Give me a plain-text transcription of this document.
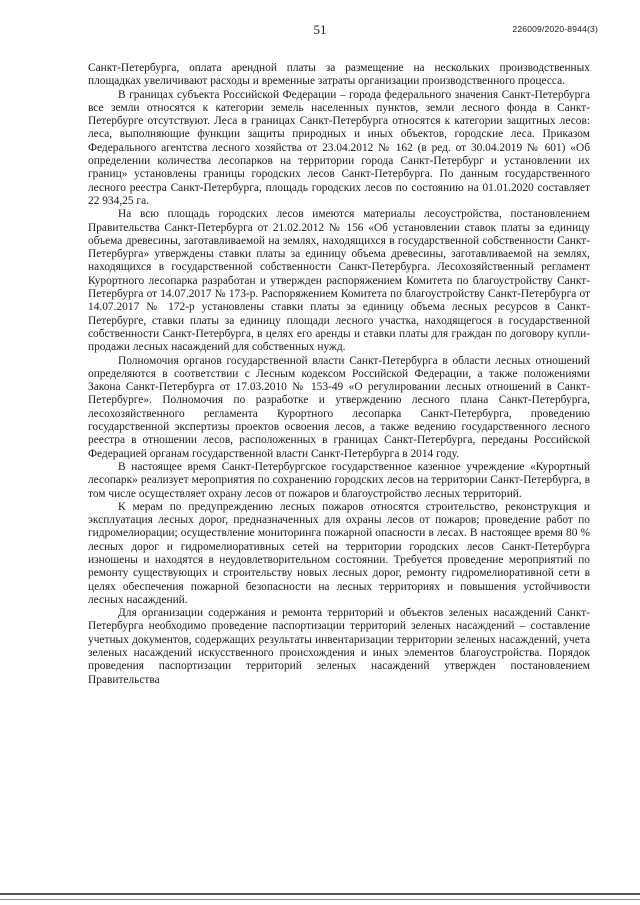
51	226009/2020-8944(3)

Санкт-Петербурга, оплата арендной платы за размещение на нескольких производственных площадках увеличивают расходы и временные затраты организации производственного процесса.

В границах субъекта Российской Федерации – города федерального значения Санкт-Петербурга все земли относятся к категории земель населенных пунктов, земли лесного фонда в Санкт-Петербурге отсутствуют. Леса в границах Санкт-Петербурга относятся к категории защитных лесов: леса, выполняющие функции защиты природных и иных объектов, городские леса. Приказом Федерального агентства лесного хозяйства от 23.04.2012 № 162 (в ред. от 30.04.2019 № 601) «Об определении количества лесопарков на территории города Санкт-Петербург и установлении их границ» установлены границы городских лесов Санкт-Петербурга. По данным государственного лесного реестра Санкт-Петербурга, площадь городских лесов по состоянию на 01.01.2020 составляет 22 934,25 га.

На всю площадь городских лесов имеются материалы лесоустройства, постановлением Правительства Санкт-Петербурга от 21.02.2012 № 156 «Об установлении ставок платы за единицу объема древесины, заготавливаемой на землях, находящихся в государственной собственности Санкт-Петербурга» утверждены ставки платы за единицу объема древесины, заготавливаемой на землях, находящихся в государственной собственности Санкт-Петербурга. Лесохозяйственный регламент Курортного лесопарка разработан и утвержден распоряжением Комитета по благоустройству Санкт-Петербурга от 14.07.2017 № 173-р. Распоряжением Комитета по благоустройству Санкт-Петербурга от 14.07.2017 № 172-р установлены ставки платы за единицу объема лесных ресурсов в Санкт-Петербурге, ставки платы за единицу площади лесного участка, находящегося в государственной собственности Санкт-Петербурга, в целях его аренды и ставки платы для граждан по договору купли-продажи лесных насаждений для собственных нужд.

Полномочия органов государственной власти Санкт-Петербурга в области лесных отношений определяются в соответствии с Лесным кодексом Российской Федерации, а также положениями Закона Санкт-Петербурга от 17.03.2010 № 153-49 «О регулировании лесных отношений в Санкт-Петербурге». Полномочия по разработке и утверждению лесного плана Санкт-Петербурга, лесохозяйственного регламента Курортного лесопарка Санкт-Петербурга, проведению государственной экспертизы проектов освоения лесов, а также ведению государственного лесного реестра в отношении лесов, расположенных в границах Санкт-Петербурга, переданы Российской Федерацией органам государственной власти Санкт-Петербурга в 2014 году.

В настоящее время Санкт-Петербургское государственное казенное учреждение «Курортный лесопарк» реализует мероприятия по сохранению городских лесов на территории Санкт-Петербурга, в том числе осуществляет охрану лесов от пожаров и благоустройство лесных территорий.

К мерам по предупреждению лесных пожаров относятся строительство, реконструкция и эксплуатация лесных дорог, предназначенных для охраны лесов от пожаров; проведение работ по гидромелиорации; осуществление мониторинга пожарной опасности в лесах. В настоящее время 80 % лесных дорог и гидромелиоративных сетей на территории городских лесов Санкт-Петербурга изношены и находятся в неудовлетворительном состоянии. Требуется проведение мероприятий по ремонту существующих и строительству новых лесных дорог, ремонту гидромелиоративной сети в целях обеспечения пожарной безопасности на лесных территориях и повышения устойчивости лесных насаждений.

Для организации содержания и ремонта территорий и объектов зеленых насаждений Санкт-Петербурга необходимо проведение паспортизации территорий зеленых насаждений – составление учетных документов, содержащих результаты инвентаризации территории зеленых насаждений, учета зеленых насаждений искусственного происхождения и иных элементов благоустройства. Порядок проведения паспортизации территорий зеленых насаждений утвержден постановлением Правительства
